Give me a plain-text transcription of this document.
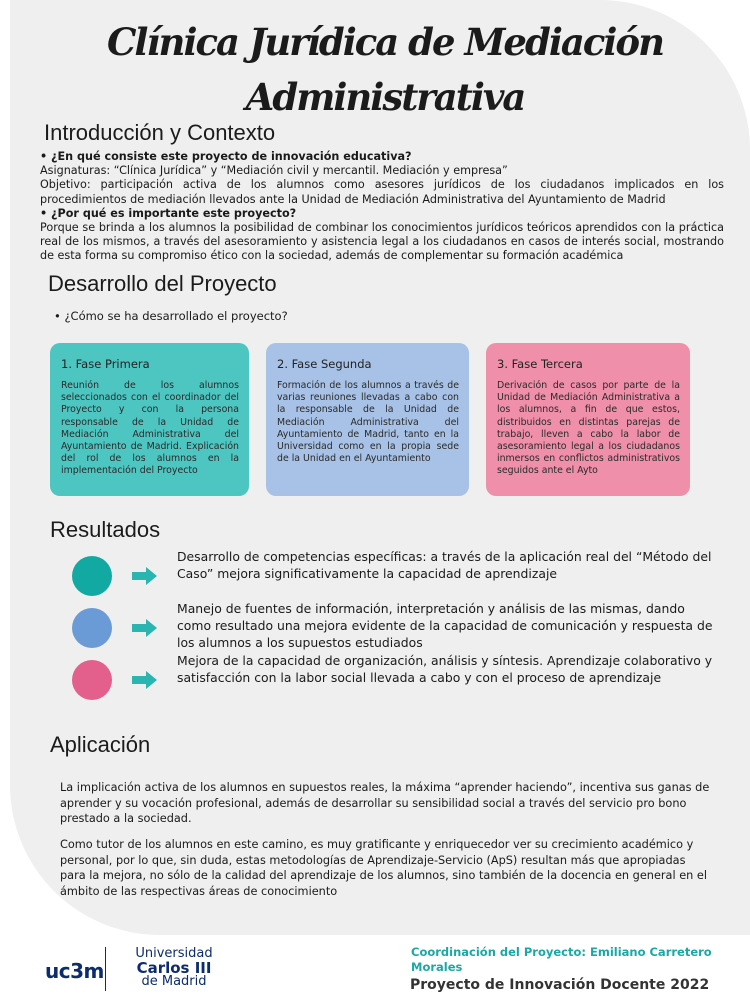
Clínica Jurídica de Mediación
Administrativa
Introducción y Contexto

• ¿En qué consiste este proyecto de innovación educativa?

Asignaturas: “Clínica Jurídica” y “Mediación civil y mercantil. Mediación y empresa”

Objetivo: participación activa de los alumnos como asesores jurídicos de los ciudadanos implicados en los procedimientos de mediación llevados ante la Unidad de Mediación Administrativa del Ayuntamiento de Madrid

• ¿Por qué es importante este proyecto?

Porque se brinda a los alumnos la posibilidad de combinar los conocimientos jurídicos teóricos aprendidos con la práctica real de los mismos, a través del asesoramiento y asistencia legal a los ciudadanos en casos de interés social, mostrando de esta forma su compromiso ético con la sociedad, además de complementar su formación académica

Desarrollo del Proyecto
• ¿Cómo se ha desarrollado el proyecto?
1. Fase Primera
Reunión de los alumnos seleccionados con el coordinador del Proyecto y con la persona responsable de la Unidad de Mediación Administrativa del Ayuntamiento de Madrid. Explicación del rol de los alumnos en la implementación del Proyecto
2. Fase Segunda
Formación de los alumnos a través de varias reuniones llevadas a cabo con la responsable de la Unidad de Mediación Administrativa del Ayuntamiento de Madrid, tanto en la Universidad como en la propia sede de la Unidad en el Ayuntamiento
3. Fase Tercera
Derivación de casos por parte de la Unidad de Mediación Administrativa a los alumnos, a fin de que estos, distribuidos en distintas parejas de trabajo, lleven a cabo la labor de asesoramiento legal a los ciudadanos inmersos en conflictos administrativos seguidos ante el Ayto
Resultados
Desarrollo de competencias específicas: a través de la aplicación real del “Método del Caso” mejora significativamente la capacidad de aprendizaje
Manejo de fuentes de información, interpretación y análisis de las mismas, dando como resultado una mejora evidente de la capacidad de comunicación y respuesta de los alumnos a los supuestos estudiados
Mejora de la capacidad de organización, análisis y síntesis. Aprendizaje colaborativo y satisfacción con la labor social llevada a cabo y con el proceso de aprendizaje
Aplicación
La implicación activa de los alumnos en supuestos reales, la máxima “aprender haciendo”, incentiva sus ganas de aprender y su vocación profesional, además de desarrollar su sensibilidad social a través del servicio pro bono prestado a la sociedad.
Como tutor de los alumnos en este camino, es muy gratificante y enriquecedor ver su crecimiento académico y personal, por lo que, sin duda, estas metodologías de Aprendizaje-Servicio (ApS) resultan más que apropiadas para la mejora, no sólo de la calidad del aprendizaje de los alumnos, sino también de la docencia en general en el ámbito de las respectivas áreas de conocimiento
uc3m
Universidad
Carlos III
de Madrid
Coordinación del Proyecto: Emiliano Carretero Morales
Proyecto de Innovación Docente 2022
